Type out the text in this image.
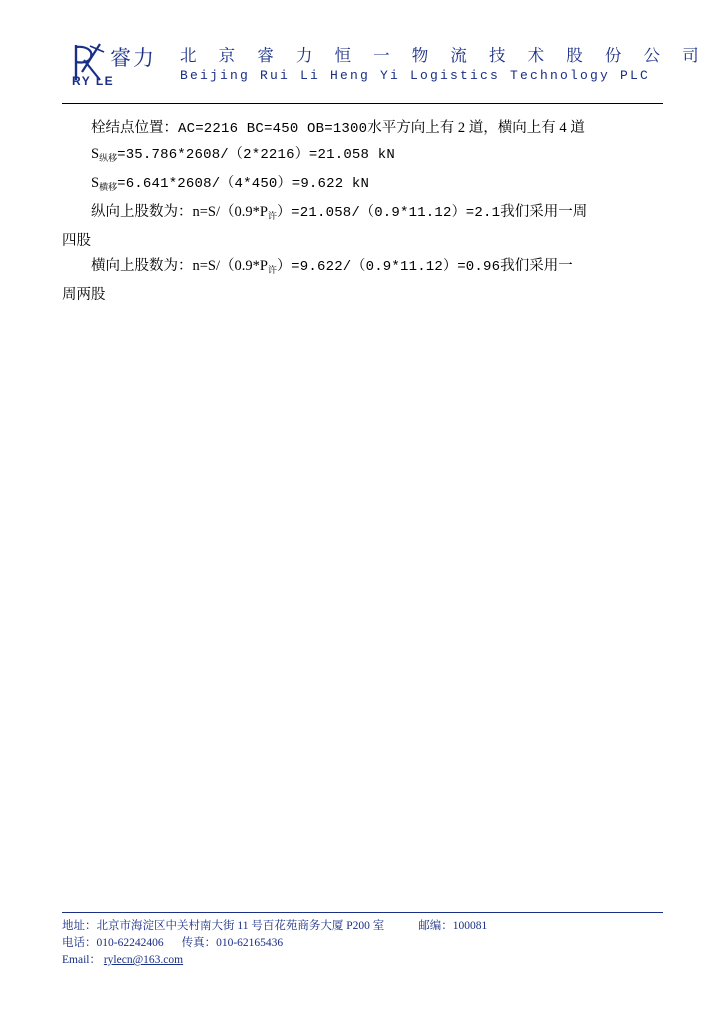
睿力
RY LE
北 京 睿 力 恒 一 物 流 技 术 股 份 公 司
Beijing Rui Li Heng Yi Logistics Technology PLC

栓结点位置：AC=2216 BC=450 OB=1300水平方向上有 2 道，横向上有 4 道

$S_{纵移}=35.786*2608/(2*2216)=21.058$ kN

$S_{横移}=6.641*2608/(4*450)=9.622$ kN

纵向上股数为：$n=S/(0.9*P_许)=21.058/(0.9*11.12)=2.1$我们采用一周

四股

横向上股数为：$n=S/(0.9*P_许)=9.622/(0.9*11.12)=0.96$我们采用一

周两股

地址：北京市海淀区中关村南大街 11 号百花苑商务大厦 P200 室	邮编：100081
电话：010-62242406 传真：010-62165436
Email： rylecn@163.com
